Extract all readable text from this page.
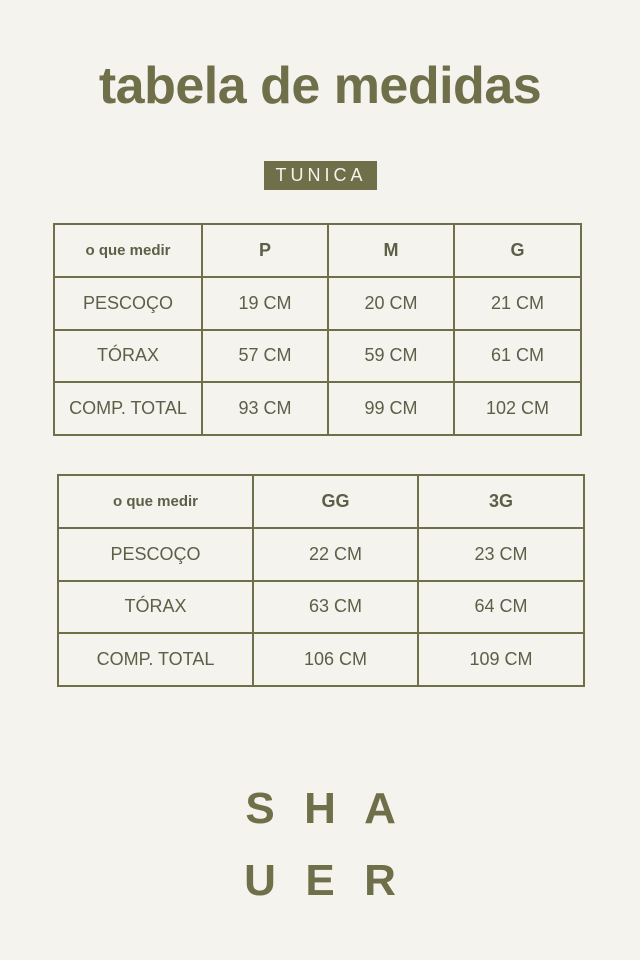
tabela de medidas
TUNICA
o que medir	P	M	G
PESCOÇO	19 CM	20 CM	21 CM
TÓRAX	57 CM	59 CM	61 CM
COMP. TOTAL	93 CM	99 CM	102 CM
o que medir	GG	3G
PESCOÇO	22 CM	23 CM
TÓRAX	63 CM	64 CM
COMP. TOTAL	106 CM	109 CM
S H A
U E R
